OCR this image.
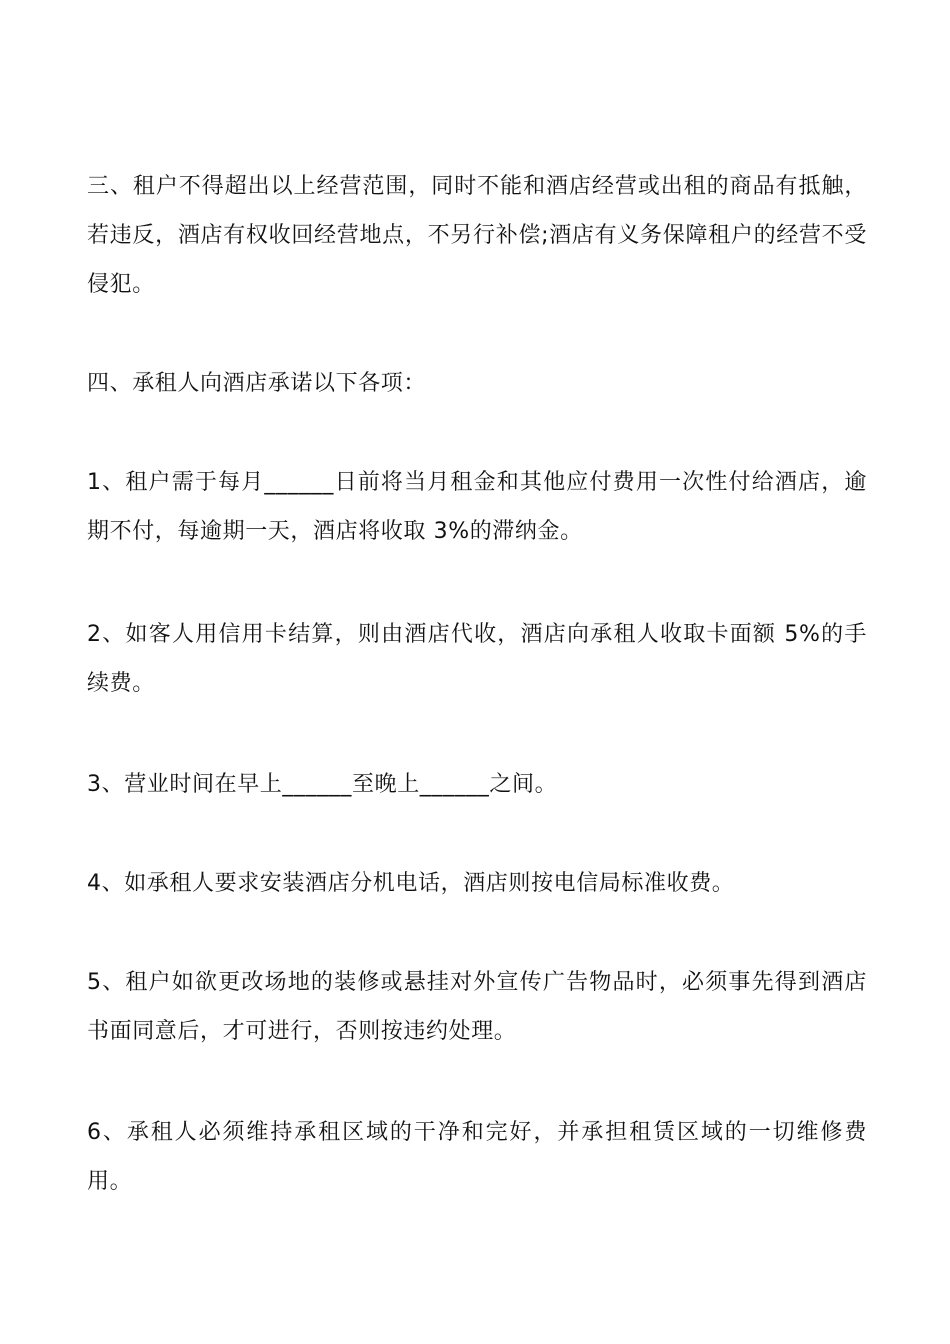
三、租户不得超出以上经营范围，同时不能和酒店经营或出租的商品有抵触，若违反，酒店有权收回经营地点，不另行补偿;酒店有义务保障租户的经营不受侵犯。

四、承租人向酒店承诺以下各项：

1、租户需于每月______日前将当月租金和其他应付费用一次性付给酒店，逾期不付，每逾期一天，酒店将收取 3%的滞纳金。

2、如客人用信用卡结算，则由酒店代收，酒店向承租人收取卡面额 5%的手续费。

3、营业时间在早上______至晚上______之间。

4、如承租人要求安装酒店分机电话，酒店则按电信局标准收费。

5、租户如欲更改场地的装修或悬挂对外宣传广告物品时，必须事先得到酒店书面同意后，才可进行，否则按违约处理。

6、承租人必须维持承租区域的干净和完好，并承担租赁区域的一切维修费用。
